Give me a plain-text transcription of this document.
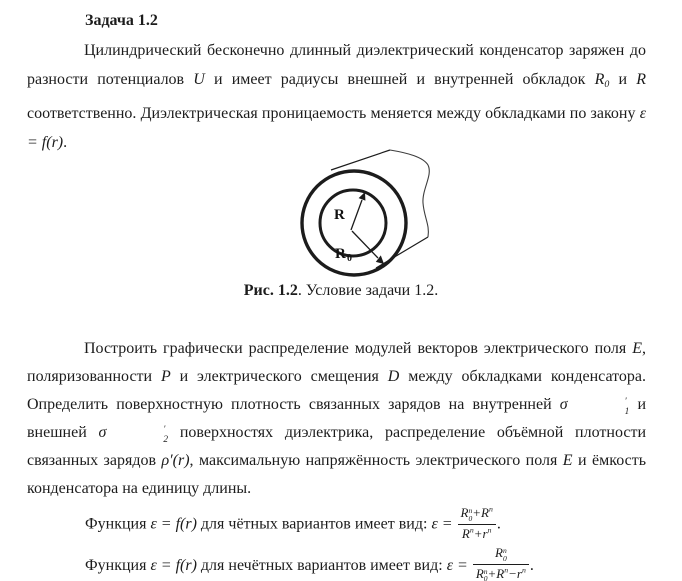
Задача 1.2

Цилиндрический бесконечно длинный диэлектрический конденсатор заряжен до разности потенциалов U и имеет радиусы внешней и внутренней обкладок R0 и R соответственно. Диэлектрическая проницаемость меняется между обкладками по закону ε = f(r).

R
R 0

Рис. 1.2. Условие задачи 1.2.

Построить графически распределение модулей векторов электрического поля E, поляризованности P и электрического смещения D между обкладками конденсатора. Определить поверхностную плотность связанных зарядов на внутренней σ	′
1 и внешней σ	′
2 поверхностях диэлектрика, распределение объёмной плотности связанных зарядов ρ′(r), максимальную напряжённость электрического поля E и ёмкость конденсатора на единицу длины.

Функция ε = f(r) для чётных вариантов имеет вид: ε = R n
$0 +R^n$
$R^n+r^n$ .
Функция ε = f(r) для нечётных вариантов имеет вид: ε = R n
0
R n
$0 +R^n-r^n$ .
